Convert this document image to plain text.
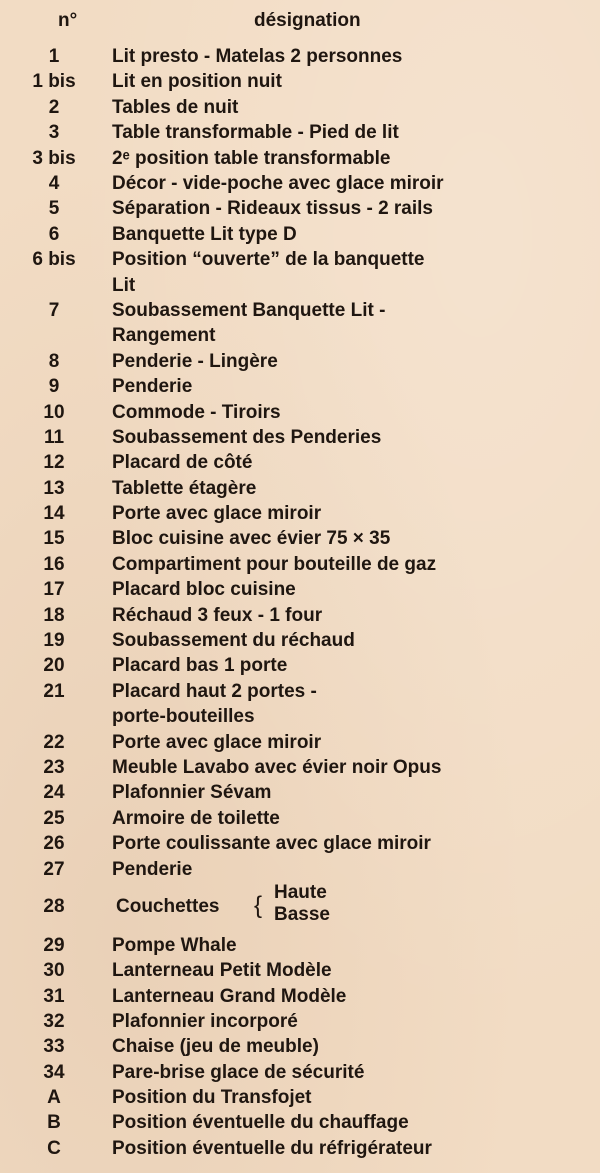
n°	désignation
1	Lit presto - Matelas 2 personnes
1 bis	Lit en position nuit
2	Tables de nuit
3	Table transformable - Pied de lit
3 bis	2ᵉ position table transformable
4	Décor - vide-poche avec glace miroir
5	Séparation - Rideaux tissus - 2 rails
6	Banquette Lit type D
6 bis	Position “ouverte” de la banquette
Lit
7	Soubassement Banquette Lit -
Rangement
8	Penderie - Lingère
9	Penderie
10	Commode - Tiroirs
11	Soubassement des Penderies
12	Placard de côté
13	Tablette étagère
14	Porte avec glace miroir
15	Bloc cuisine avec évier 75 × 35
16	Compartiment pour bouteille de gaz
17	Placard bloc cuisine
18	Réchaud 3 feux - 1 four
19	Soubassement du réchaud
20	Placard bas 1 porte
21	Placard haut 2 portes -
porte-bouteilles
22	Porte avec glace miroir
23	Meuble Lavabo avec évier noir Opus
24	Plafonnier Sévam
25	Armoire de toilette
26	Porte coulissante avec glace miroir
27	Penderie
28	Couchettes { Haute
Basse
29	Pompe Whale
30	Lanterneau Petit Modèle
31	Lanterneau Grand Modèle
32	Plafonnier incorporé
33	Chaise (jeu de meuble)
34	Pare-brise glace de sécurité
A	Position du Transfojet
B	Position éventuelle du chauffage
C	Position éventuelle du réfrigérateur
